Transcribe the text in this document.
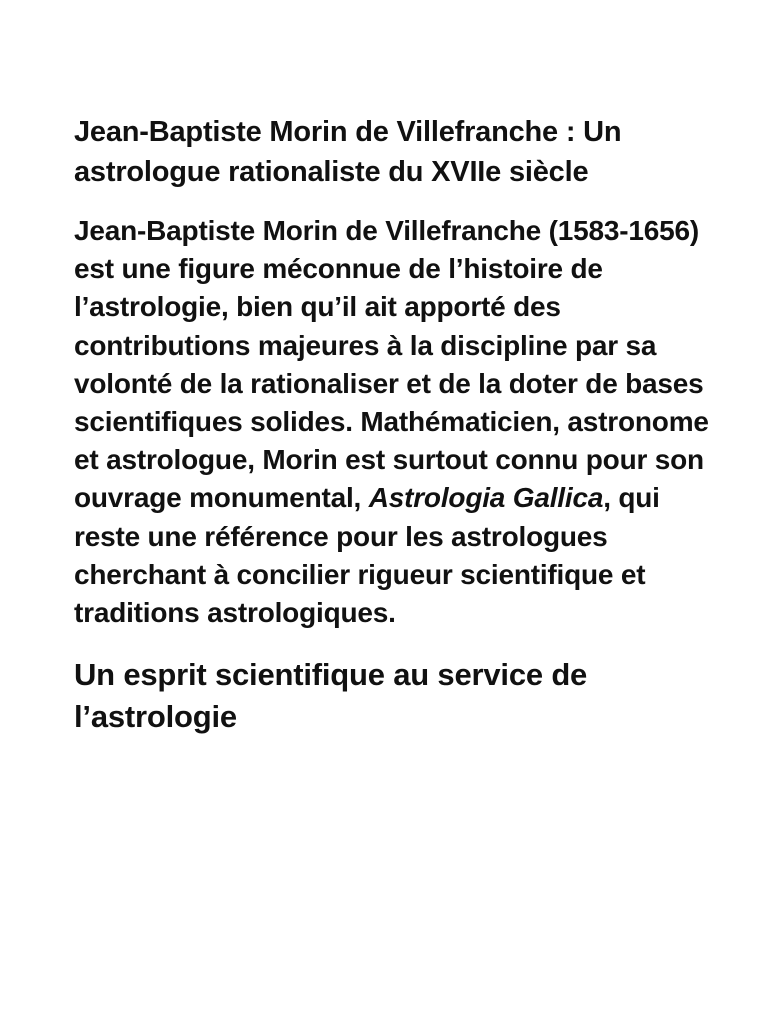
Jean-Baptiste Morin de Villefranche : Un astrologue rationaliste du XVIIe siècle

Jean-Baptiste Morin de Villefranche (1583-1656) est une figure méconnue de l’histoire de l’astrologie, bien qu’il ait apporté des contributions majeures à la discipline par sa volonté de la rationaliser et de la doter de bases scientifiques solides. Mathématicien, astronome et astrologue, Morin est surtout connu pour son ouvrage monumental, Astrologia Gallica, qui reste une référence pour les astrologues cherchant à concilier rigueur scientifique et traditions astrologiques.

Un esprit scientifique au service de l’astrologie
